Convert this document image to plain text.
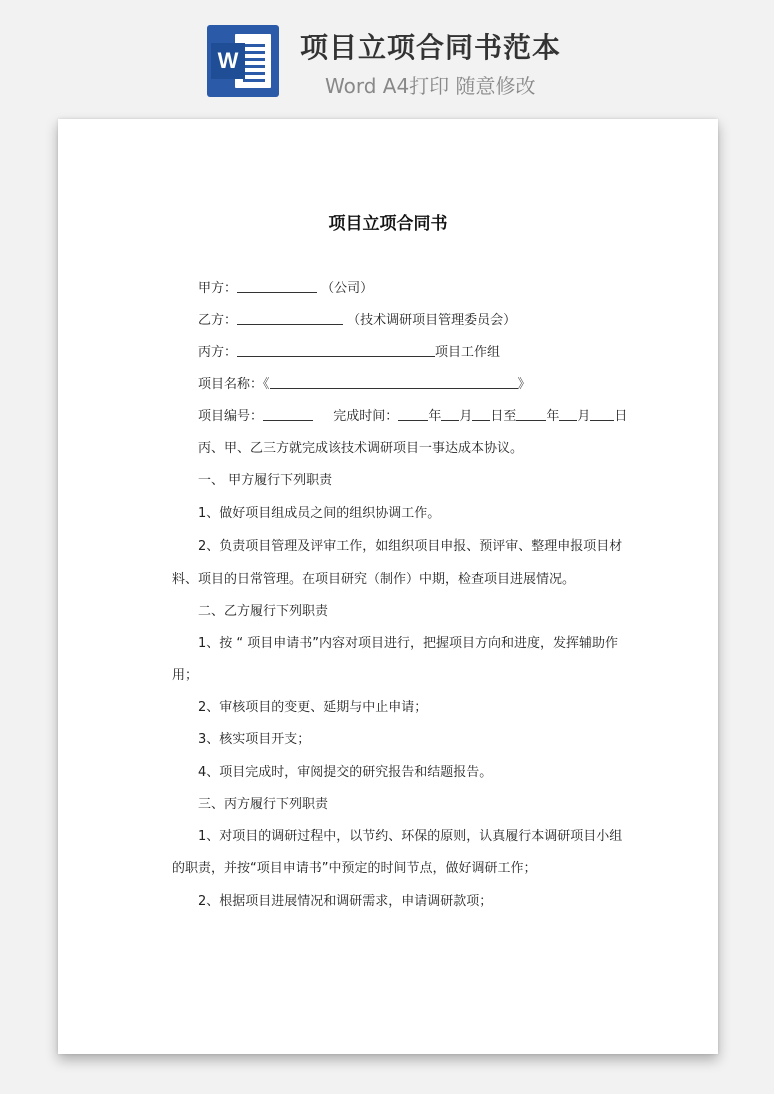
W 项目立项合同书范本
Word A4打印 随意修改
项目立项合同书
甲方：	（公司）
乙方：	（技术调研项目管理委员会）
丙方：	项目工作组
项目名称：《	》
项目编号：	完成时间： 年 月 日至 年 月 日
丙、甲、乙三方就完成该技术调研项目一事达成本协议。
一、 甲方履行下列职责
1、做好项目组成员之间的组织协调工作。
2、负责项目管理及评审工作，如组织项目申报、预评审、整理申报项目材
料、项目的日常管理。在项目研究（制作）中期，检查项目进展情况。
二、乙方履行下列职责
1、按 “ 项目申请书”内容对项目进行，把握项目方向和进度，发挥辅助作
用；
2、审核项目的变更、延期与中止申请；
3、核实项目开支；
4、项目完成时，审阅提交的研究报告和结题报告。
三、丙方履行下列职责
1、对项目的调研过程中，以节约、环保的原则，认真履行本调研项目小组
的职责，并按“项目申请书”中预定的时间节点，做好调研工作；
2、根据项目进展情况和调研需求，申请调研款项；
